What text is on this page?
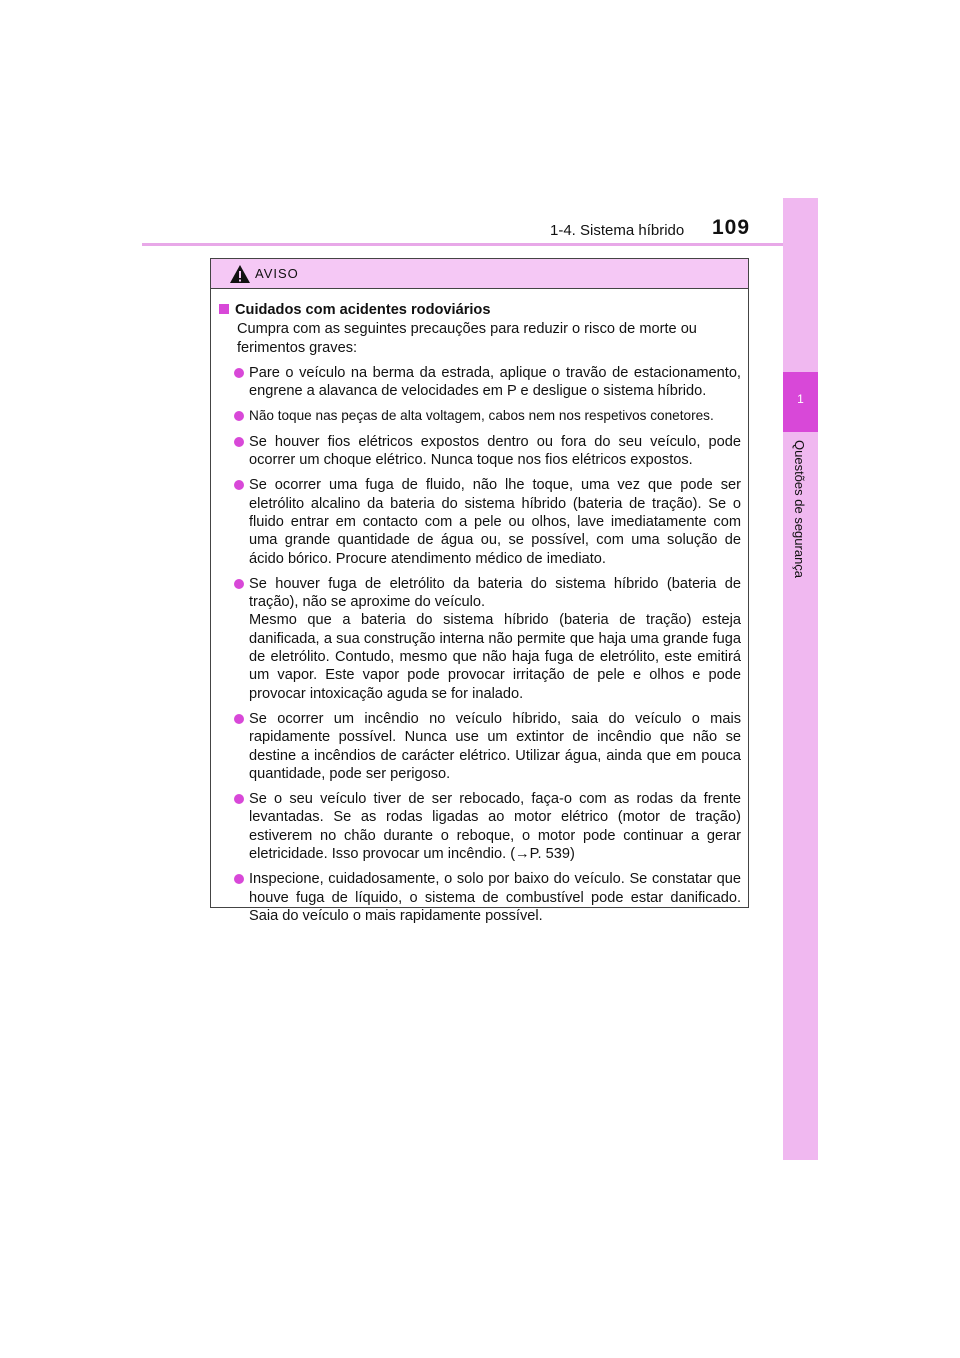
1-4. Sistema híbrido 109
1
Questões de segurança
AVISO
Cuidados com acidentes rodoviários
Cumpra com as seguintes precauções para reduzir o risco de morte ou ferimentos graves:
Pare o veículo na berma da estrada, aplique o travão de estacionamento, engrene a alavanca de velocidades em P e desligue o sistema híbrido.
Não toque nas peças de alta voltagem, cabos nem nos respetivos conetores.
Se houver fios elétricos expostos dentro ou fora do seu veículo, pode ocorrer um choque elétrico. Nunca toque nos fios elétricos expostos.
Se ocorrer uma fuga de fluido, não lhe toque, uma vez que pode ser eletrólito alcalino da bateria do sistema híbrido (bateria de tração). Se o fluido entrar em contacto com a pele ou olhos, lave imediatamente com uma grande quantidade de água ou, se possível, com uma solução de ácido bórico. Procure atendimento médico de imediato.
Se houver fuga de eletrólito da bateria do sistema híbrido (bateria de tração), não se aproxime do veículo.
Mesmo que a bateria do sistema híbrido (bateria de tração) esteja danificada, a sua construção interna não permite que haja uma grande fuga de eletrólito. Contudo, mesmo que não haja fuga de eletrólito, este emitirá um vapor. Este vapor pode provocar irritação de pele e olhos e pode provocar intoxicação aguda se for inalado.
Se ocorrer um incêndio no veículo híbrido, saia do veículo o mais rapidamente possível. Nunca use um extintor de incêndio que não se destine a incêndios de carácter elétrico. Utilizar água, ainda que em pouca quantidade, pode ser perigoso.
Se o seu veículo tiver de ser rebocado, faça-o com as rodas da frente levantadas. Se as rodas ligadas ao motor elétrico (motor de tração) estiverem no chão durante o reboque, o motor pode continuar a gerar eletricidade. Isso provocar um incêndio. (→P. 539)
Inspecione, cuidadosamente, o solo por baixo do veículo. Se constatar que houve fuga de líquido, o sistema de combustível pode estar danificado. Saia do veículo o mais rapidamente possível.
